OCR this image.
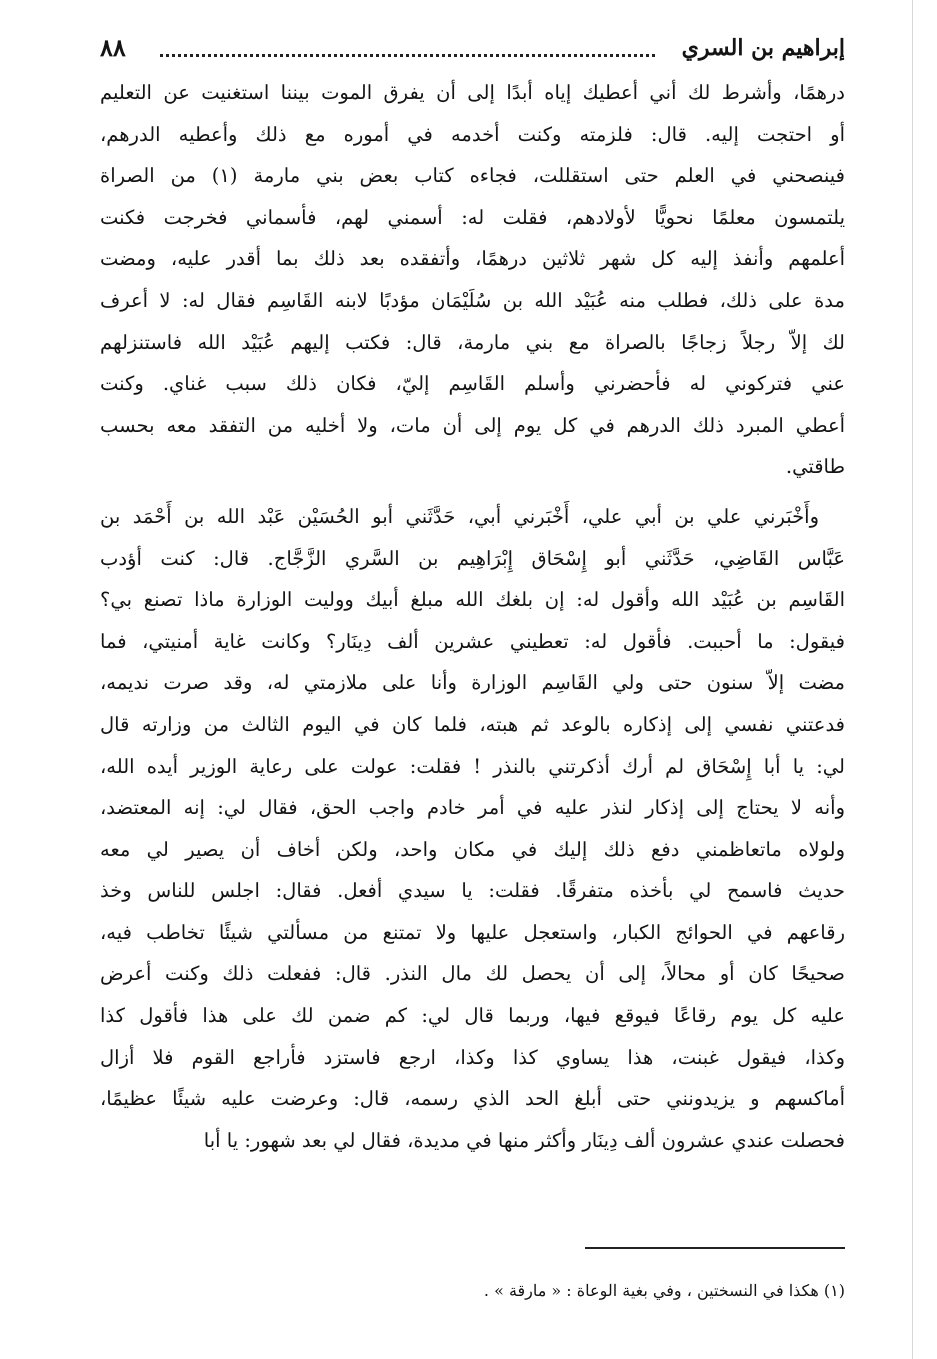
٨٨	إبراهيم بن السري
درهمًا، وأشرط لك أني أعطيك إياه أبدًا إلى أن يفرق الموت بيننا استغنيت عن التعليم
أو احتجت إليه. قال: فلزمته وكنت أخدمه في أموره مع ذلك وأعطيه الدرهم،
فينصحني في العلم حتى استقللت، فجاءه كتاب بعض بني مارمة (١) من الصراة
يلتمسون معلمًا نحويًّا لأولادهم، فقلت له: أسمني لهم، فأسماني فخرجت فكنت
أعلمهم وأنفذ إليه كل شهر ثلاثين درهمًا، وأتفقده بعد ذلك بما أقدر عليه، ومضت
مدة على ذلك، فطلب منه عُبَيْد الله بن سُلَيْمَان مؤدبًا لابنه القَاسِم فقال له: لا أعرف
لك إلاّ رجلاً زجاجًا بالصراة مع بني مارمة، قال: فكتب إليهم عُبَيْد الله فاستنزلهم
عني فتركوني له فأحضرني وأسلم القَاسِم إليّ، فكان ذلك سبب غناي. وكنت
أعطي المبرد ذلك الدرهم في كل يوم إلى أن مات، ولا أخليه من التفقد معه بحسب
طاقتي.
وأَخْبَرني علي بن أبي علي، أَخْبَرني أبي، حَدَّثَني أبو الحُسَيْن عَبْد الله بن أَحْمَد بن
عَبَّاس القَاضِي، حَدَّثَني أبو إِسْحَاق إِبْرَاهِيم بن السَّري الزَّجَّاج. قال: كنت أؤدب
القَاسِم بن عُبَيْد الله وأقول له: إن بلغك الله مبلغ أبيك ووليت الوزارة ماذا تصنع بي؟
فيقول: ما أحببت. فأقول له: تعطيني عشرين ألف دِينَار؟ وكانت غاية أمنيتي، فما
مضت إلاّ سنون حتى ولي القَاسِم الوزارة وأنا على ملازمتي له، وقد صرت نديمه،
فدعتني نفسي إلى إذكاره بالوعد ثم هبته، فلما كان في اليوم الثالث من وزارته قال
لي: يا أبا إِسْحَاق لم أرك أذكرتني بالنذر ! فقلت: عولت على رعاية الوزير أيده الله،
وأنه لا يحتاج إلى إذكار لنذر عليه في أمر خادم واجب الحق، فقال لي: إنه المعتضد،
ولولاه ماتعاظمني دفع ذلك إليك في مكان واحد، ولكن أخاف أن يصير لي معه
حديث فاسمح لي بأخذه متفرقًا. فقلت: يا سيدي أفعل. فقال: اجلس للناس وخذ
رقاعهم في الحوائج الكبار، واستعجل عليها ولا تمتنع من مسألتي شيئًا تخاطب فيه،
صحيحًا كان أو محالاً، إلى أن يحصل لك مال النذر. قال: ففعلت ذلك وكنت أعرض
عليه كل يوم رقاعًا فيوقع فيها، وربما قال لي: كم ضمن لك على هذا فأقول كذا
وكذا، فيقول غبنت، هذا يساوي كذا وكذا، ارجع فاستزد فأراجع القوم فلا أزال
أماكسهم و يزيدونني حتى أبلغ الحد الذي رسمه، قال: وعرضت عليه شيئًا عظيمًا،
فحصلت عندي عشرون ألف دِينَار وأكثر منها في مديدة، فقال لي بعد شهور: يا أبا
(١) هكذا في النسختين ، وفي بغية الوعاة : « مارقة » .
